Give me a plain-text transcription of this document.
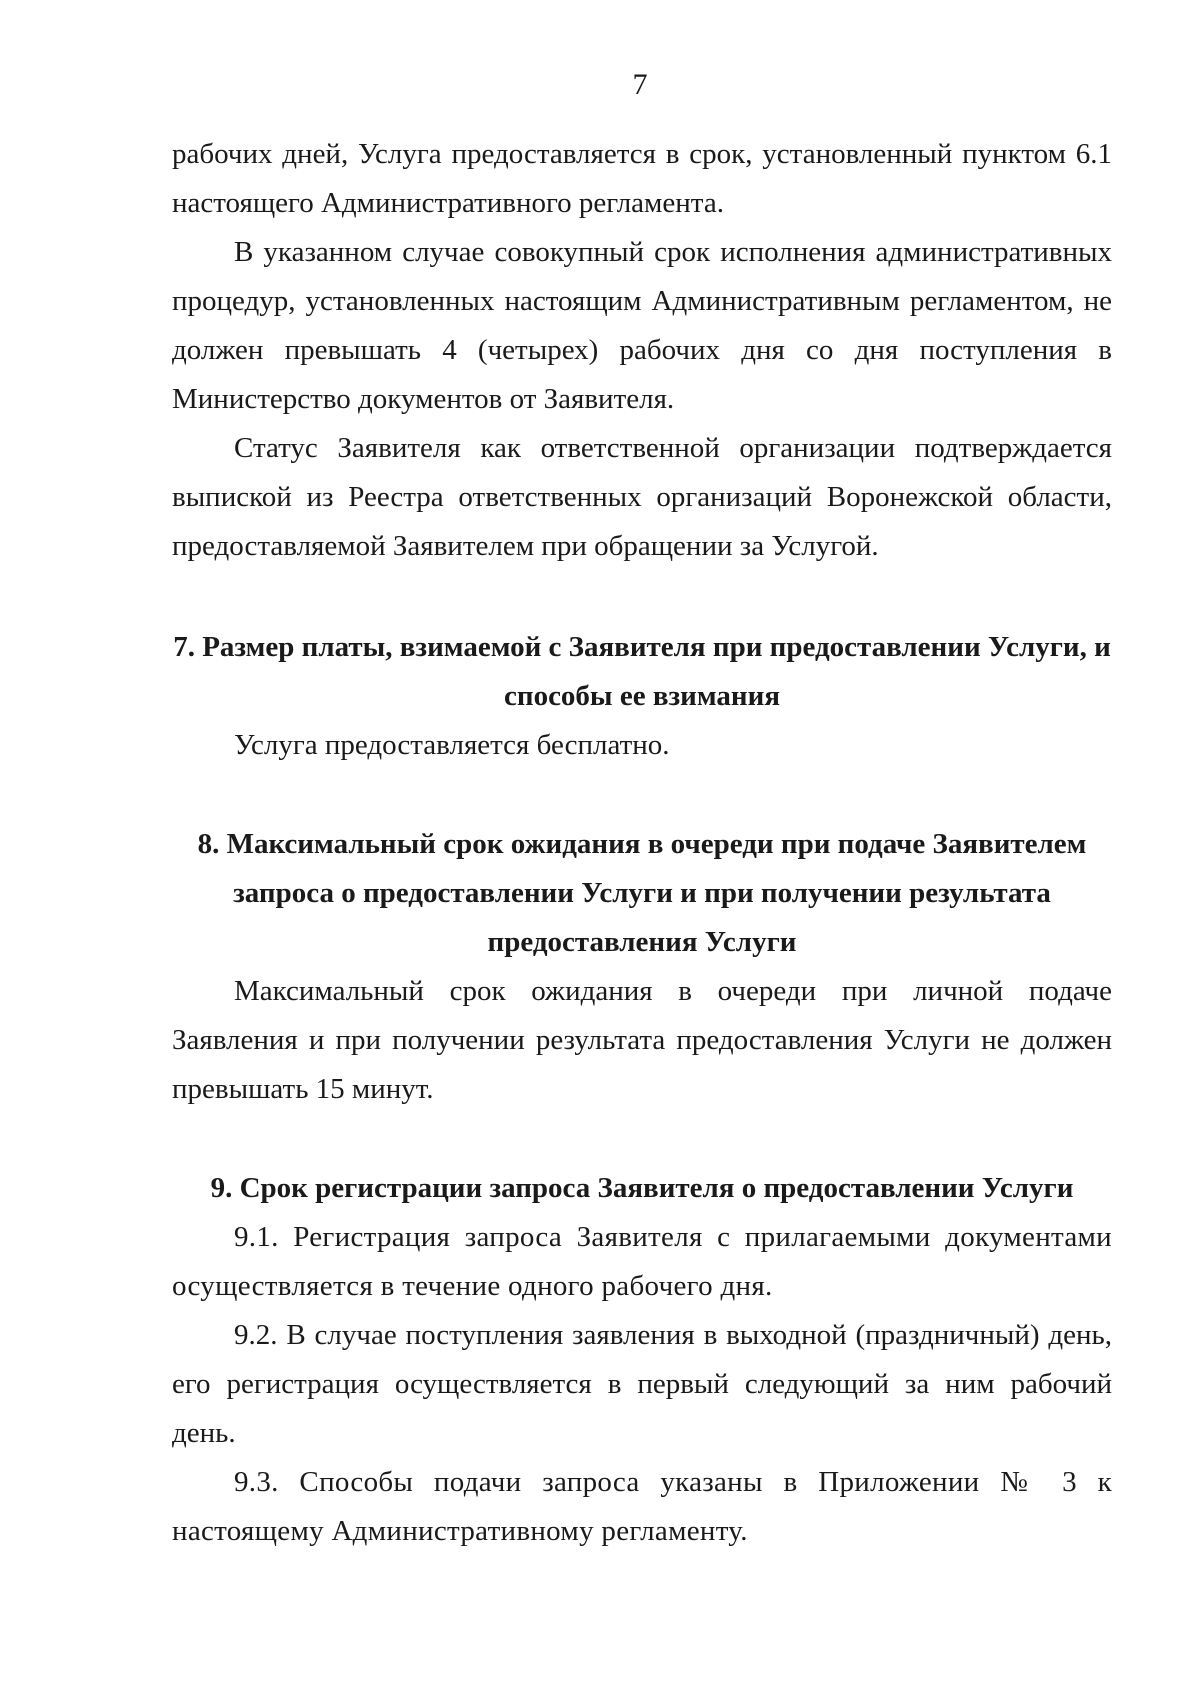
7

рабочих дней, Услуга предоставляется в срок, установленный пунктом 6.1 настоящего Административного регламента.

В указанном случае совокупный срок исполнения административных процедур, установленных настоящим Административным регламентом, не должен превышать 4 (четырех) рабочих дня со дня поступления в Министерство документов от Заявителя.

Статус Заявителя как ответственной организации подтверждается выпиской из Реестра ответственных организаций Воронежской области, предоставляемой Заявителем при обращении за Услугой.

7. Размер платы, взимаемой с Заявителя при предоставлении Услуги, и способы ее взимания

Услуга предоставляется бесплатно.

8. Максимальный срок ожидания в очереди при подаче Заявителем запроса о предоставлении Услуги и при получении результата предоставления Услуги

Максимальный срок ожидания в очереди при личной подаче Заявления и при получении результата предоставления Услуги не должен превышать 15 минут.

9. Срок регистрации запроса Заявителя о предоставлении Услуги

9.1. Регистрация запроса Заявителя с прилагаемыми документами осуществляется в течение одного рабочего дня.

9.2. В случае поступления заявления в выходной (праздничный) день, его регистрация осуществляется в первый следующий за ним рабочий день.

9.3. Способы подачи запроса указаны в Приложении № 3 к настоящему Административному регламенту.
